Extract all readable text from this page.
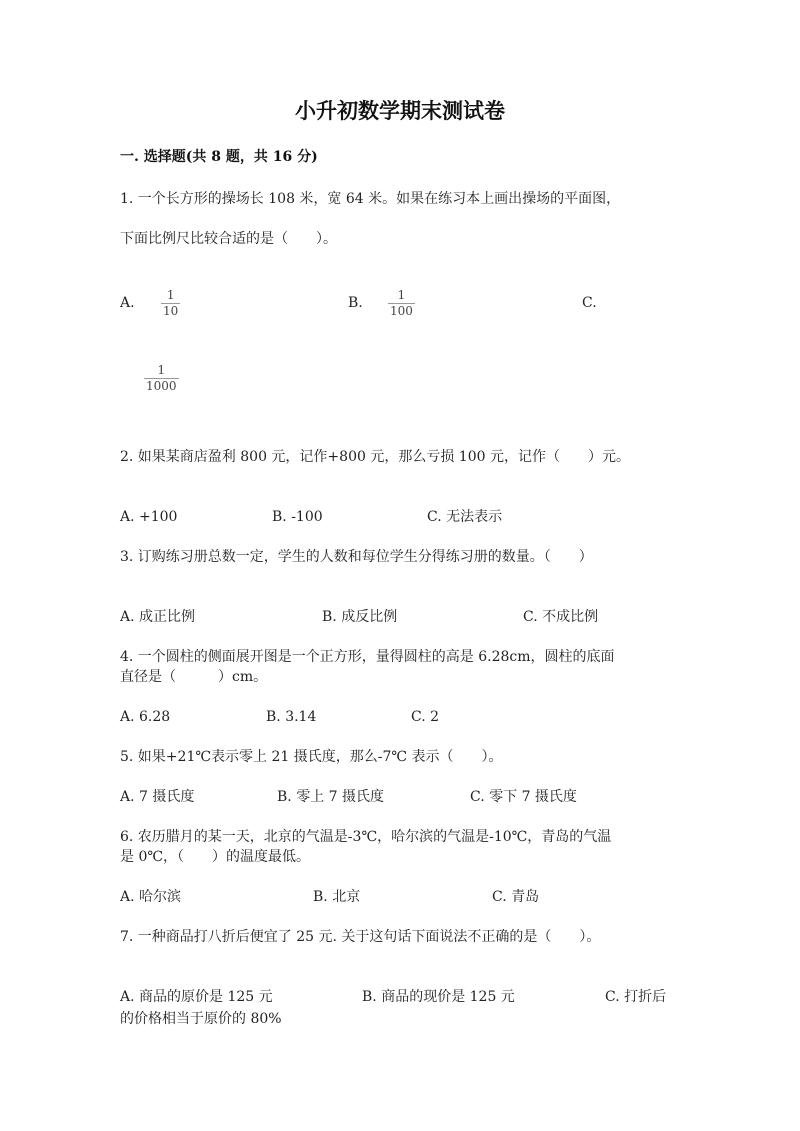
小升初数学期末测试卷
一. 选择题(共 8 题，共 16 分)
1. 一个长方形的操场长 108 米，宽 64 米。如果在练习本上画出操场的平面图，
下面比例尺比较合适的是（　　）。
A. $\frac{1}{10}$	B. $\frac{1}{100}$	C.
$\frac{1}{1000}$
2. 如果某商店盈利 800 元，记作+800 元，那么亏损 100 元，记作（　　）元。
A. +100	B. -100	C. 无法表示
3. 订购练习册总数一定，学生的人数和每位学生分得练习册的数量。（　　）
A. 成正比例	B. 成反比例	C. 不成比例
4. 一个圆柱的侧面展开图是一个正方形，量得圆柱的高是 6.28cm，圆柱的底面
直径是（　　　）cm。
A. 6.28	B. 3.14	C. 2
5. 如果+21℃表示零上 21 摄氏度，那么-7℃ 表示（　　）。
A. 7 摄氏度	B. 零上 7 摄氏度	C. 零下 7 摄氏度
6. 农历腊月的某一天，北京的气温是-3℃，哈尔滨的气温是-10℃，青岛的气温
是 0℃，（　　）的温度最低。
A. 哈尔滨	B. 北京	C. 青岛
7. 一种商品打八折后便宜了 25 元. 关于这句话下面说法不正确的是（　　）。
A. 商品的原价是 125 元	B. 商品的现价是 125 元	C. 打折后
的价格相当于原价的 80%
